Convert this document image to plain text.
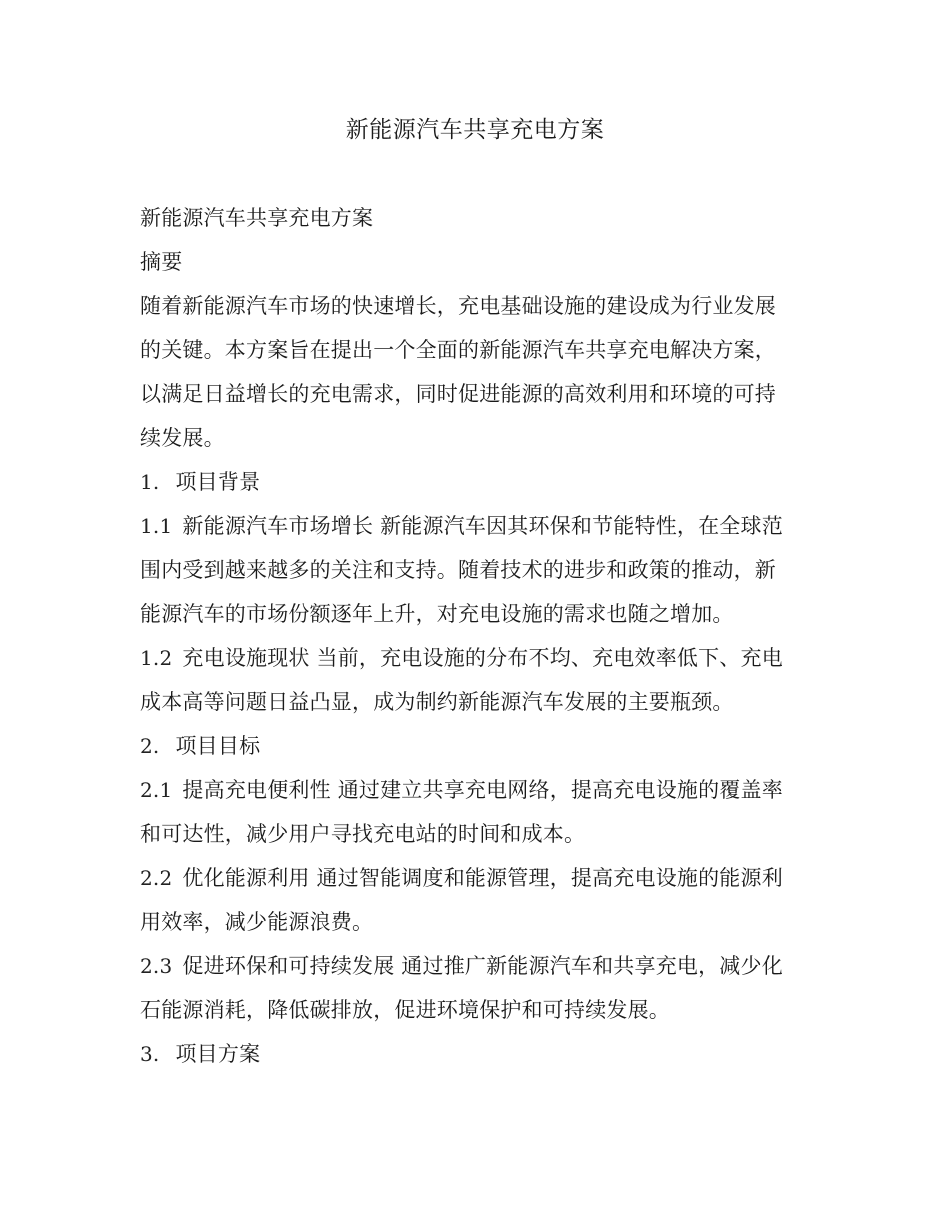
新能源汽车共享充电方案
新能源汽车共享充电方案
摘要
随着新能源汽车市场的快速增长，充电基础设施的建设成为行业发展
的关键。本方案旨在提出一个全面的新能源汽车共享充电解决方案，
以满足日益增长的充电需求，同时促进能源的高效利用和环境的可持
续发展。
1. 项目背景
1.1 新能源汽车市场增长 新能源汽车因其环保和节能特性，在全球范
围内受到越来越多的关注和支持。随着技术的进步和政策的推动，新
能源汽车的市场份额逐年上升，对充电设施的需求也随之增加。
1.2 充电设施现状 当前，充电设施的分布不均、充电效率低下、充电
成本高等问题日益凸显，成为制约新能源汽车发展的主要瓶颈。
2. 项目目标
2.1 提高充电便利性 通过建立共享充电网络，提高充电设施的覆盖率
和可达性，减少用户寻找充电站的时间和成本。
2.2 优化能源利用 通过智能调度和能源管理，提高充电设施的能源利
用效率，减少能源浪费。
2.3 促进环保和可持续发展 通过推广新能源汽车和共享充电，减少化
石能源消耗，降低碳排放，促进环境保护和可持续发展。
3. 项目方案
